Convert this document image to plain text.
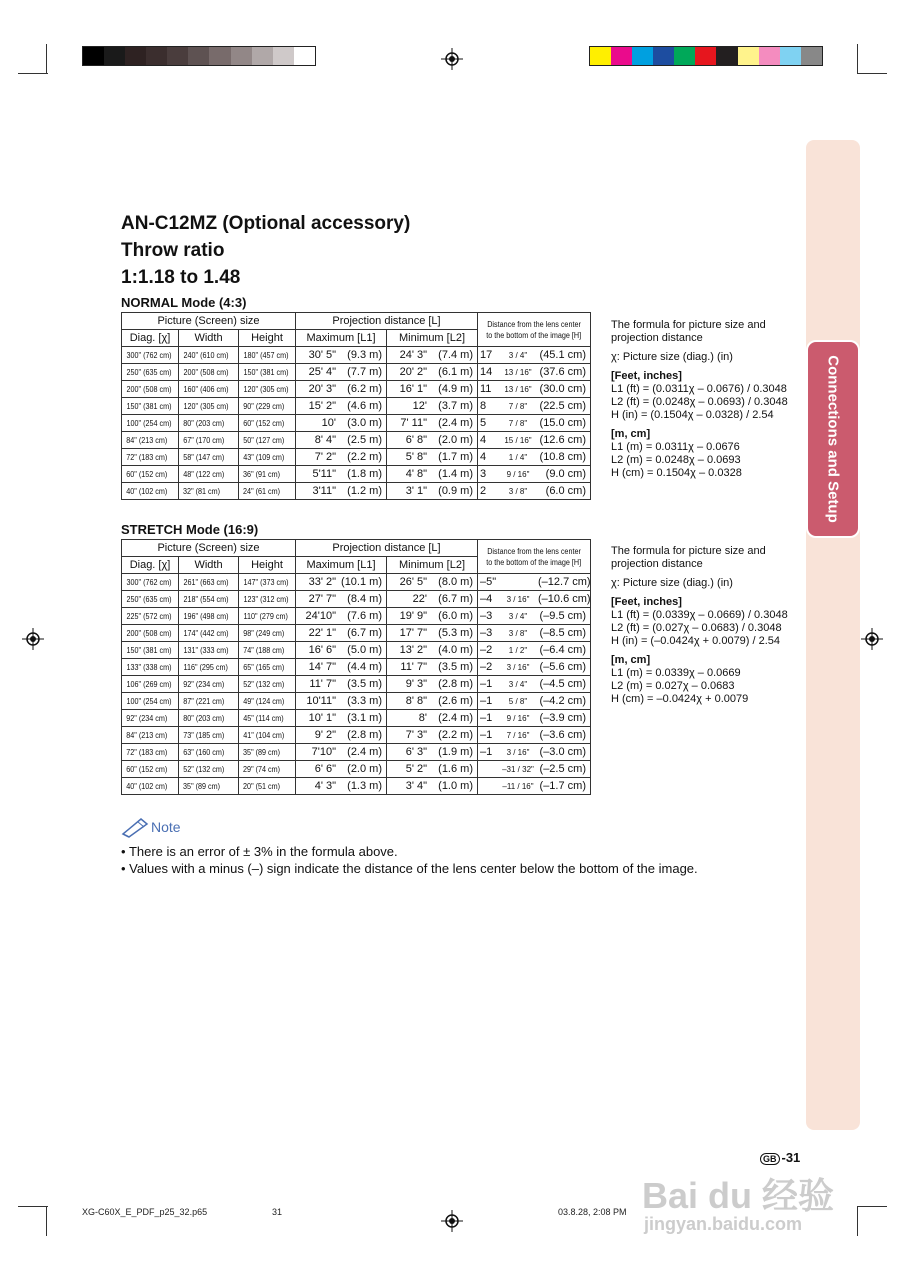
Connections and Setup
AN-C12MZ (Optional accessory)
Throw ratio
1:1.18 to 1.48

NORMAL Mode (4:3)

Picture (Screen) size			Projection distance [L]		Distance from the lens center
to the bottom of the image [H]
Diag. [χ]	Width	Height	Maximum [L1]	Minimum [L2]	
300" (762 cm)	240" (610 cm)	180" (457 cm)	30' 5" (9.3 m)	24' 3" (7.4 m)	17 3 / 4" (45.1 cm)
250" (635 cm)	200" (508 cm)	150" (381 cm)	25' 4" (7.7 m)	20' 2" (6.1 m)	14 13 / 16" (37.6 cm)
200" (508 cm)	160" (406 cm)	120" (305 cm)	20' 3" (6.2 m)	16' 1" (4.9 m)	11 13 / 16" (30.0 cm)
150" (381 cm)	120" (305 cm)	90" (229 cm)	15' 2" (4.6 m)	12' (3.7 m)	8 7 / 8" (22.5 cm)
100" (254 cm)	80" (203 cm)	60" (152 cm)	10' (3.0 m)	7' 11" (2.4 m)	5 7 / 8" (15.0 cm)
84" (213 cm)	67" (170 cm)	50" (127 cm)	8' 4" (2.5 m)	6' 8" (2.0 m)	4 15 / 16" (12.6 cm)
72" (183 cm)	58" (147 cm)	43" (109 cm)	7' 2" (2.2 m)	5' 8" (1.7 m)	4 1 / 4" (10.8 cm)
60" (152 cm)	48" (122 cm)	36" (91 cm)	5'11" (1.8 m)	4' 8" (1.4 m)	3 9 / 16" (9.0 cm)
40" (102 cm)	32" (81 cm)	24" (61 cm)	3'11" (1.2 m)	3' 1" (0.9 m)	2 3 / 8" (6.0 cm)
The formula for picture size and
projection distance
χ: Picture size (diag.) (in)
[Feet, inches]
L1 (ft) = (0.0311χ – 0.0676) / 0.3048
L2 (ft) = (0.0248χ – 0.0693) / 0.3048
H (in) = (0.1504χ – 0.0328) / 2.54
[m, cm]
L1 (m) = 0.0311χ – 0.0676
L2 (m) = 0.0248χ – 0.0693
H (cm) = 0.1504χ – 0.0328

STRETCH Mode (16:9)

Picture (Screen) size			Projection distance [L]		Distance from the lens center
to the bottom of the image [H]
Diag. [χ]	Width	Height	Maximum [L1]	Minimum [L2]	
300" (762 cm)	261" (663 cm)	147" (373 cm)	33' 2" (10.1 m)	26' 5" (8.0 m)	–5" (–12.7 cm)
250" (635 cm)	218" (554 cm)	123" (312 cm)	27' 7" (8.4 m)	22' (6.7 m)	–4 3 / 16" (–10.6 cm)
225" (572 cm)	196" (498 cm)	110" (279 cm)	24'10" (7.6 m)	19' 9" (6.0 m)	–3 3 / 4" (–9.5 cm)
200" (508 cm)	174" (442 cm)	98" (249 cm)	22' 1" (6.7 m)	17' 7" (5.3 m)	–3 3 / 8" (–8.5 cm)
150" (381 cm)	131" (333 cm)	74" (188 cm)	16' 6" (5.0 m)	13' 2" (4.0 m)	–2 1 / 2" (–6.4 cm)
133" (338 cm)	116" (295 cm)	65" (165 cm)	14' 7" (4.4 m)	11' 7" (3.5 m)	–2 3 / 16" (–5.6 cm)
106" (269 cm)	92" (234 cm)	52" (132 cm)	11' 7" (3.5 m)	9' 3" (2.8 m)	–1 3 / 4" (–4.5 cm)
100" (254 cm)	87" (221 cm)	49" (124 cm)	10'11" (3.3 m)	8' 8" (2.6 m)	–1 5 / 8" (–4.2 cm)
92" (234 cm)	80" (203 cm)	45" (114 cm)	10' 1" (3.1 m)	8' (2.4 m)	–1 9 / 16" (–3.9 cm)
84" (213 cm)	73" (185 cm)	41" (104 cm)	9' 2" (2.8 m)	7' 3" (2.2 m)	–1 7 / 16" (–3.6 cm)
72" (183 cm)	63" (160 cm)	35" (89 cm)	7'10" (2.4 m)	6' 3" (1.9 m)	–1 3 / 16" (–3.0 cm)
60" (152 cm)	52" (132 cm)	29" (74 cm)	6' 6" (2.0 m)	5' 2" (1.6 m)	–31 / 32" (–2.5 cm)
40" (102 cm)	35" (89 cm)	20" (51 cm)	4' 3" (1.3 m)	3' 4" (1.0 m)	–11 / 16" (–1.7 cm)
The formula for picture size and
projection distance
χ: Picture size (diag.) (in)
[Feet, inches]
L1 (ft) = (0.0339χ – 0.0669) / 0.3048
L2 (ft) = (0.027χ – 0.0683) / 0.3048
H (in) = (–0.0424χ + 0.0079) / 2.54
[m, cm]
L1 (m) = 0.0339χ – 0.0669
L2 (m) = 0.027χ – 0.0683
H (cm) = –0.0424χ + 0.0079
Note
• There is an error of ± 3% in the formula above.
• Values with a minus (–) sign indicate the distance of the lens center below the bottom of the image.
GB -31
Bai du 经验
jingyan.baidu.com
XG-C60X_E_PDF_p25_32.p65	31	03.8.28, 2:08 PM
